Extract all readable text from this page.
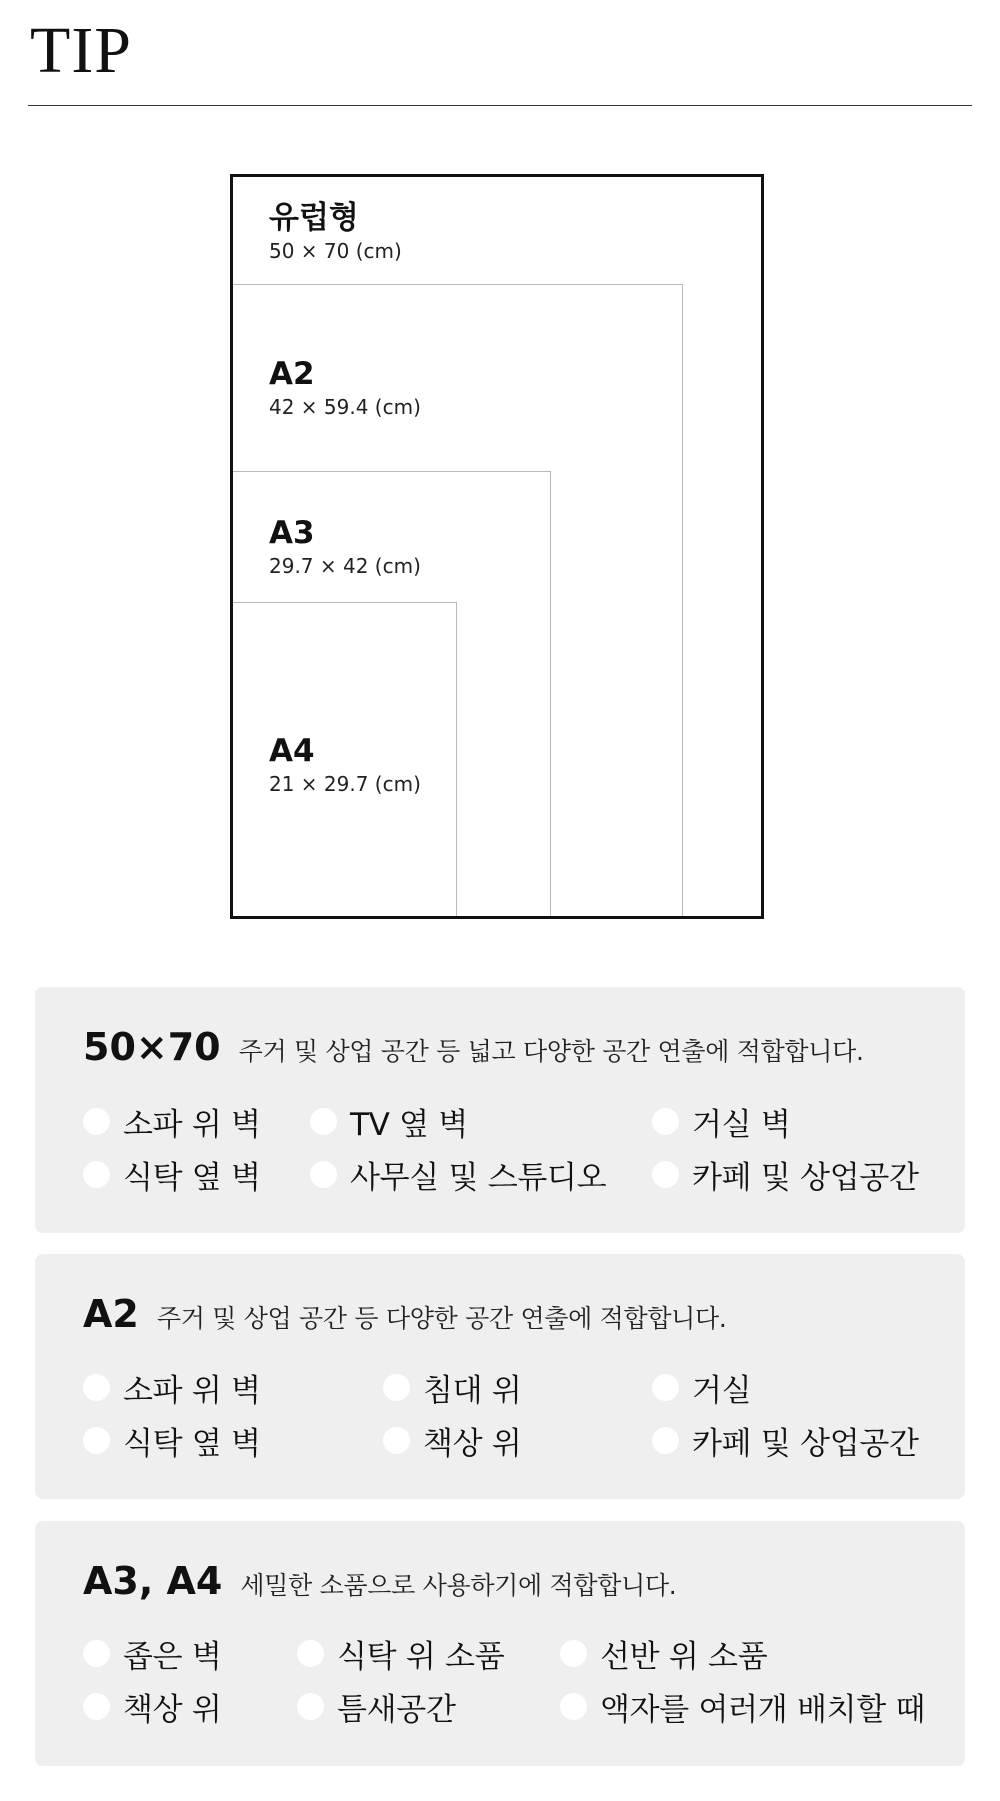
TIP
유럽형
50 × 70 (cm)
A2
42 × 59.4 (cm)
A3
29.7 × 42 (cm)
A4
21 × 29.7 (cm)
50×70 주거 및 상업 공간 등 넓고 다양한 공간 연출에 적합합니다.
소파 위 벽	TV 옆 벽	거실 벽
식탁 옆 벽	사무실 및 스튜디오	카페 및 상업공간
A2 주거 및 상업 공간 등 다양한 공간 연출에 적합합니다.
소파 위 벽	침대 위	거실
식탁 옆 벽	책상 위	카페 및 상업공간
A3, A4 세밀한 소품으로 사용하기에 적합합니다.
좁은 벽	식탁 위 소품	선반 위 소품
책상 위	틈새공간	액자를 여러개 배치할 때
